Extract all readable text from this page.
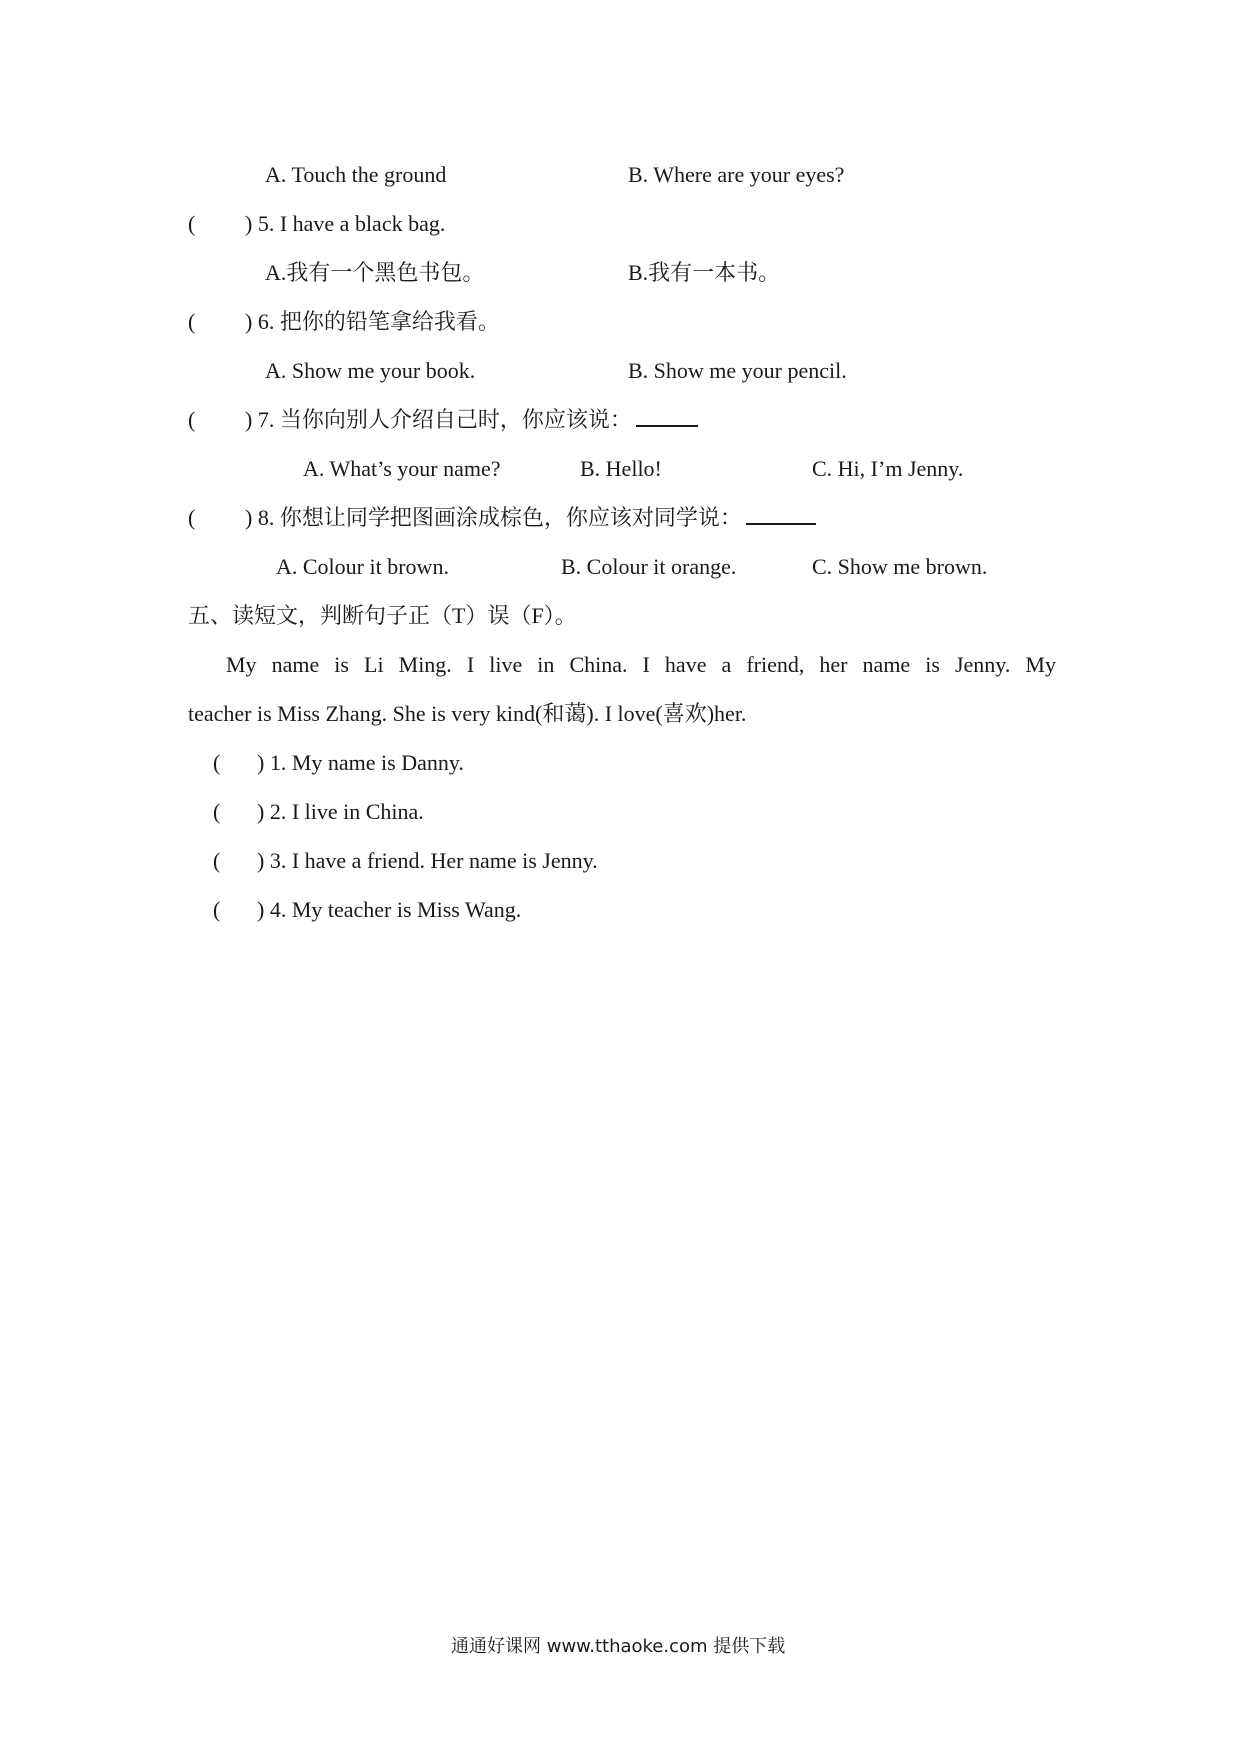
A. Touch the ground	B. Where are your eyes?
( ) 5. I have a black bag.
A.我有一个黑色书包。	B.我有一本书。
( ) 6. 把你的铅笔拿给我看。
A. Show me your book.	B. Show me your pencil.
( ) 7. 当你向别人介绍自己时，你应该说：
A. What’s your name?	B. Hello!	C. Hi, I’m Jenny.
( ) 8. 你想让同学把图画涂成棕色，你应该对同学说：
A. Colour it brown.	B. Colour it orange.	C. Show me brown.
五、读短文，判断句子正（T）误（F）。
My name is Li Ming. I live in China. I have a friend, her name is Jenny. My
teacher is Miss Zhang. She is very kind(和蔼). I love(喜欢)her.
( ) 1. My name is Danny.
( ) 2. I live in China.
( ) 3. I have a friend. Her name is Jenny.
( ) 4. My teacher is Miss Wang.
通通好课网 www.tthaoke.com 提供下载
